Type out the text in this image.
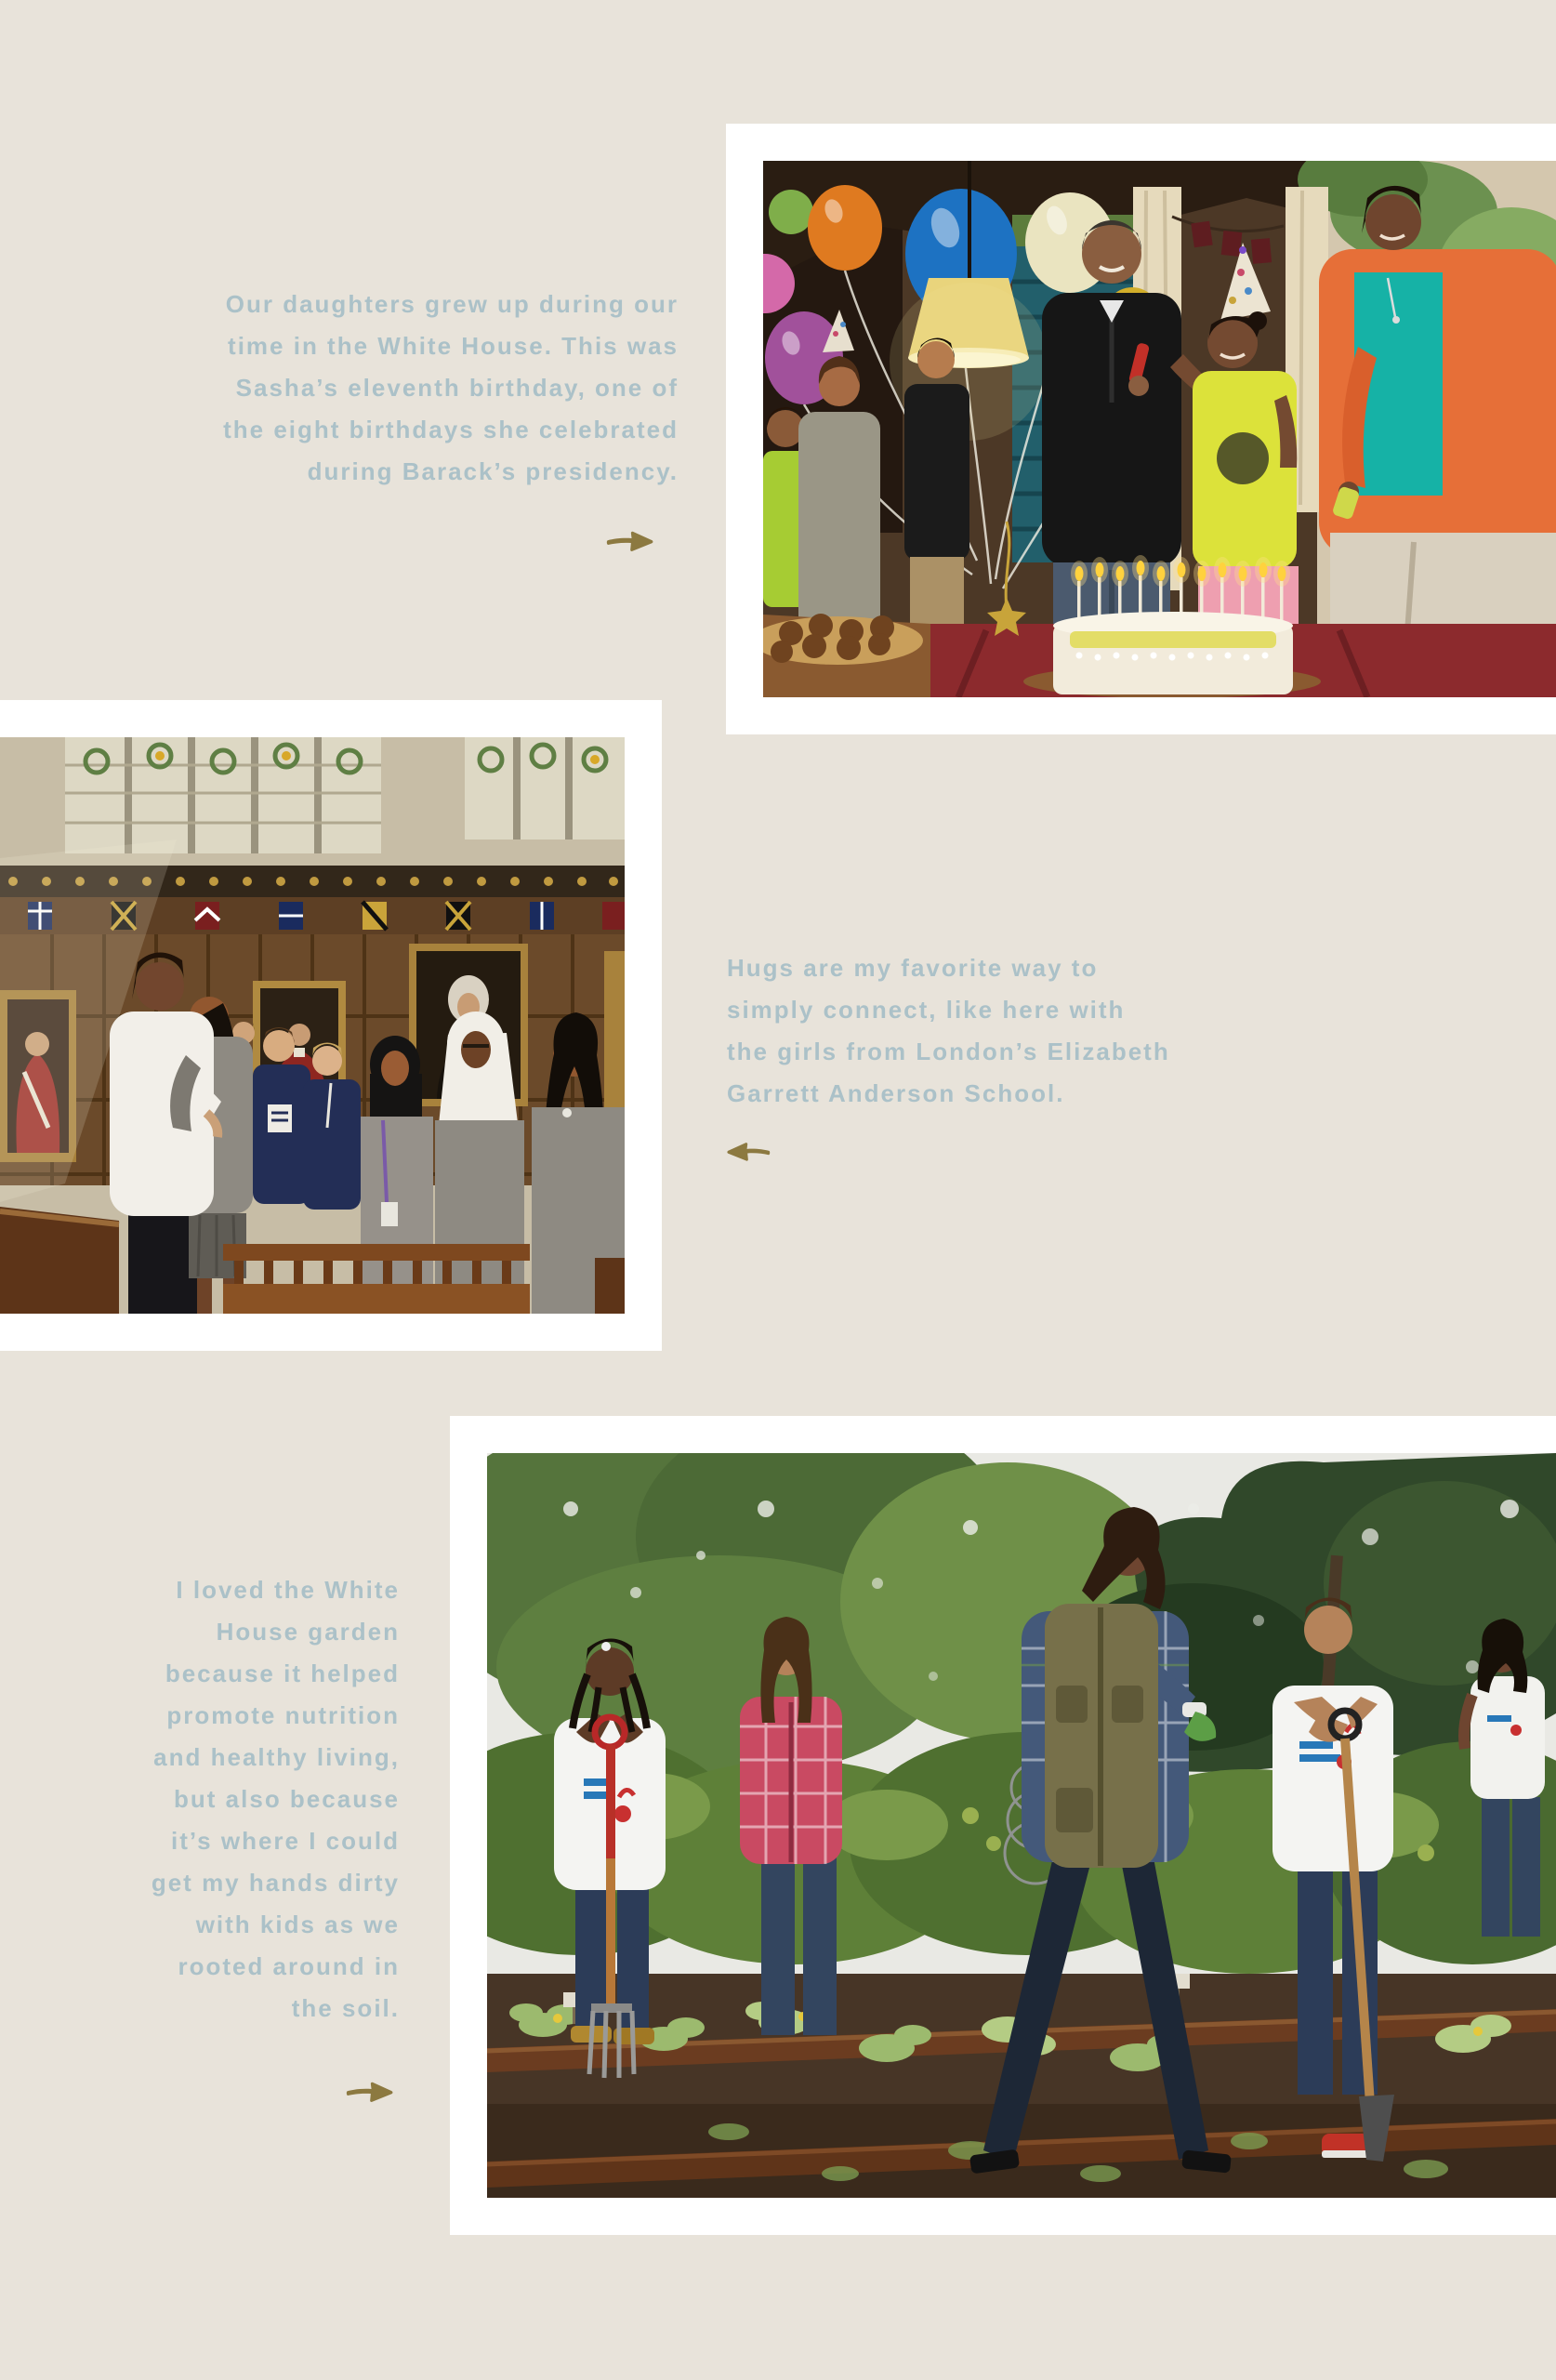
Our daughters grew up during our
time in the White House. This was
Sasha’s eleventh birthday, one of
the eight birthdays she celebrated
during Barack’s presidency.
Hugs are my favorite way to
simply connect, like here with
the girls from London’s Elizabeth
Garrett Anderson School.
I loved the White
House garden
because it helped
promote nutrition
and healthy living,
but also because
it’s where I could
get my hands dirty
with kids as we
rooted around in
the soil.
